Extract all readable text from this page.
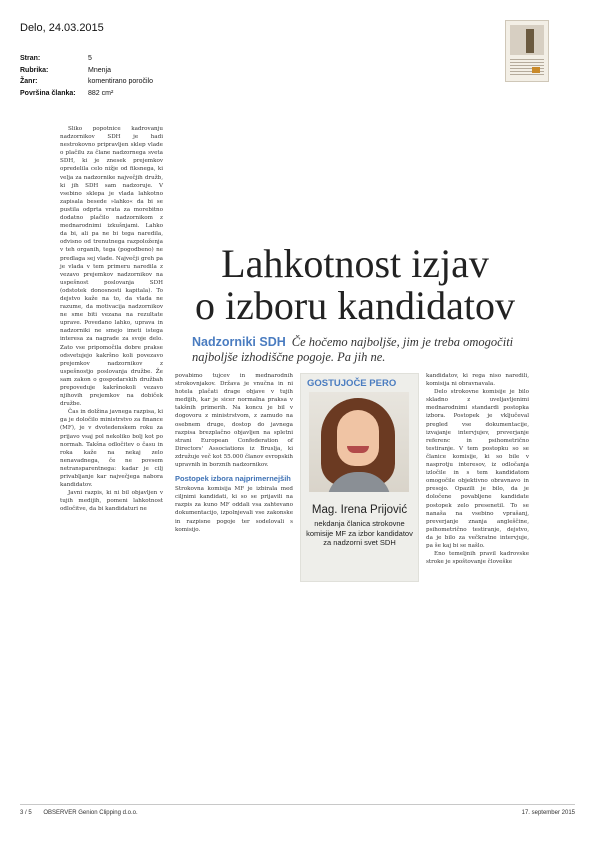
Delo, 24.03.2015
Stran:	5
Rubrika:	Mnenja
Žanr:	komentirano poročilo
Površina članka:	882 cm²

Sliko popotnice kadrovanju nadzornikov SDH je hadi nestrokovno pripravljen sklep vlade o plačilu za člane nadzornega sveta SDH, ki je znesek prejemkov opredelila celo nižje od fiksnega, ki velja za nadzornike največjih družb, ki jih SDH sam nadzoruje. V vsebino sklepa je vlada lahkotno zapisala besede »lahko« da bi se pustila odprta vrata za morebitno dodatno plačilo nadzornikom z mednarodnimi izkušnjami. Lahko da bi, ali pa ne bi tega naredila, odvisno od trenutnega razpoloženja v teh organih, tega (pogodbeno) ne predlaga sej vlade. Največji greh pa je vlada v tem primeru naredila z vezavo prejemkov nadzornikov na uspešnost poslovanja SDH (odstotek donosnosti kapitala). To dejstvo kaže na to, da vlada ne razume, da motivacija nadzornikov ne sme biti vezana na rezultate uprave. Povedano lahko, uprava in nadzorniki ne smejo imeti istega interesa za nagrade za svoje delo. Zato vse pripomočila dobre prakse odsvetujejo kakršno koli povezavo prejemkov nadzornikov z uspešnostjo poslovanja družbe. Že sam zakon o gospodarskih družbah prepoveduje kakršnokoli vezavo njihovih prejemkov na dobiček družbe.

Čas in dolžina javnega razpisa, ki ga je določilo ministrstvo za finance (MF), je v dvotedenskem roku za prijavo vsaj pol nekoliko bolj kot po normah. Takšna odločitev o času in roka kaže na nekaj zelo nenavadnega, če ne povsem netransparentnega: kadar je cilj privabljanje kar največjega nabora kandidatov.

Javni razpis, ki ni bil objavljen v tujih medijih, pomeni lahkotnost odločitve, da bi kandidaturi ne

Lahkotnost izjav
o izboru kandidatov
Nadzorniki SDH Če hočemo najboljše, jim je treba omogočiti najboljše izhodiščne pogoje. Pa jih ne.

povabimo tujcev in mednarodnih strokovnjakov. Država je vnučna in ni hotela plačati drage objave v tujih medijih, kar je sicer normalna praksa v takšnih primerih. Na koncu je bil v dogovoru z ministrstvom, z zamudo na osebnem druge, dostop do javnega razpisa brezplačno objavljen na spletni strani European Confederation of Directors' Associations iz Bruslja, ki združuje več kot 55.000 članov evropskih upravnih in borznih nadzornikov.

Postopek izbora najprimernejših

Strokovna komisija MF je izbirala med ciljnimi kandidati, ki so se prijavili na razpis za kuno MF oddali vsa zahtevano dokumentacijo, izpolnjevali vse zakonske in razpisne pogoje ter sodelovali s komisijo.

GOSTUJOČE PERO
Mag. Irena Prijović
nekdanja članica strokovne komisije MF za izbor kandidatov za nadzorni svet SDH

kandidatov, ki rega niso naredili, komisija ni obravnavala.

Delo strokovne komisije je bilo skladno z uveljavljenimi mednarodnimi standardi postopka izbora. Postopek je vključeval pregled vse dokumentacije, izvajanje intervjujev, preverjanje referenc in psihometrično testiranje. V tem postopku so se članice komisije, ki so bile v nasprotju interesov, iz odločanja izločile in s tem kandidatom omogočile objektivno obravnavo in presojo. Opazili je bilo, da je določene povabljene kandidate postopek zelo presenetil. To se nanaša na vsebino vprašanj, preverjanje znanja angleščine, psihometrično testiranje, dejstvo, da je bilo za večkratne intervjuje, pa še kaj bi se našlo.

Eno temeljnih pravil kadrovske stroke je spoštovanje človeške

3 / 5 OBSERVER Genion Clipping d.o.o.	17. september 2015
